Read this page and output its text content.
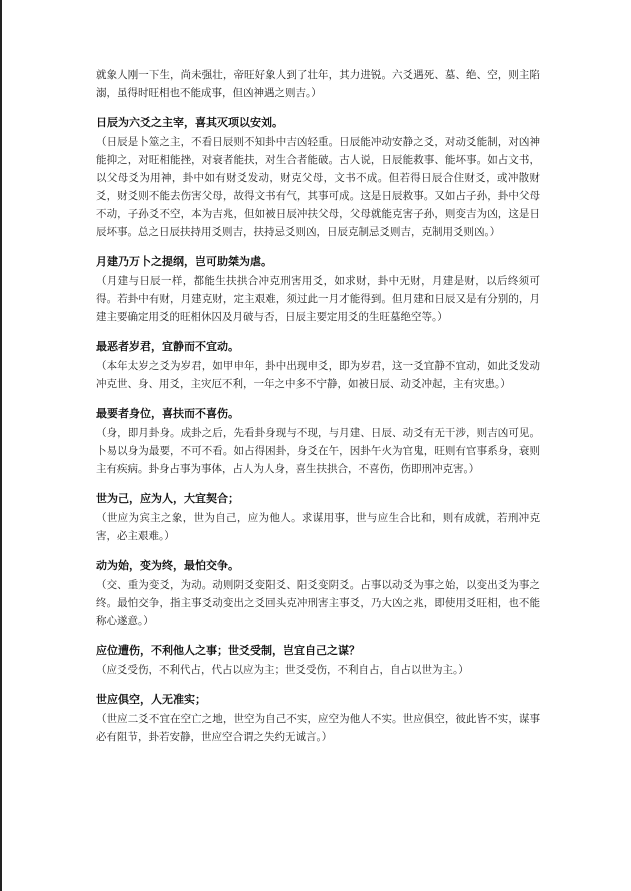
就象人刚一下生，尚未强壮，帝旺好象人到了壮年，其力进锐。六爻遇死、墓、绝、空，则主陷溺，虽得时旺相也不能成事，但凶神遇之则吉。）

日辰为六爻之主宰，喜其灭项以安刘。

（日辰是卜筮之主，不看日辰则不知卦中吉凶轻重。日辰能冲动安静之爻，对动爻能制，对凶神能抑之，对旺相能挫，对衰者能扶，对生合者能破。古人说，日辰能救事、能坏事。如占文书，以父母爻为用神，卦中如有财爻发动，财克父母，文书不成。但若得日辰合住财爻，或冲散财爻，财爻则不能去伤害父母，故得文书有气，其事可成。这是日辰救事。又如占子孙，卦中父母不动，子孙爻不空，本为吉兆，但如被日辰冲扶父母，父母就能克害子孙，则变吉为凶，这是日辰坏事。总之日辰扶持用爻则吉，扶持忌爻则凶，日辰克制忌爻则吉，克制用爻则凶。）

月建乃万卜之提纲，岂可助桀为虐。

（月建与日辰一样，都能生扶拱合冲克刑害用爻，如求财，卦中无财，月建是财，以后终须可得。若卦中有财，月建克财，定主艰难，须过此一月才能得到。但月建和日辰又是有分别的，月建主要确定用爻的旺相休囚及月破与否，日辰主要定用爻的生旺墓绝空等。）

最恶者岁君，宜静而不宜动。

（本年太岁之爻为岁君，如甲申年，卦中出现申爻，即为岁君，这一爻宜静不宜动，如此爻发动冲克世、身、用爻，主灾厄不利，一年之中多不宁静，如被日辰、动爻冲起，主有灾患。）

最要者身位，喜扶而不喜伤。

（身，即月卦身。成卦之后，先看卦身现与不现，与月建、日辰、动爻有无干涉，则吉凶可见。卜易以身为最要，不可不看。如占得困卦，身爻在午，因卦午火为官鬼，旺则有官事系身，衰则主有疾病。卦身占事为事体，占人为人身，喜生扶拱合，不喜伤，伤即刑冲克害。）

世为己，应为人，大宜契合；

（世应为宾主之象，世为自己，应为他人。求谋用事，世与应生合比和，则有成就，若刑冲克害，必主艰难。）

动为始，变为终，最怕交争。

（交、重为变爻，为动。动则阴爻变阳爻、阳爻变阴爻。占事以动爻为事之始，以变出爻为事之终。最怕交争，指主事爻动变出之爻回头克冲刑害主事爻，乃大凶之兆，即使用爻旺相，也不能称心遂意。）

应位遭伤，不利他人之事；世爻受制，岂宜自己之谋？

（应爻受伤，不利代占，代占以应为主；世爻受伤，不利自占，自占以世为主。）

世应俱空，人无准实；

（世应二爻不宜在空亡之地，世空为自己不实，应空为他人不实。世应俱空，彼此皆不实，谋事必有阻节，卦若安静，世应空合谓之失约无诚言。）
